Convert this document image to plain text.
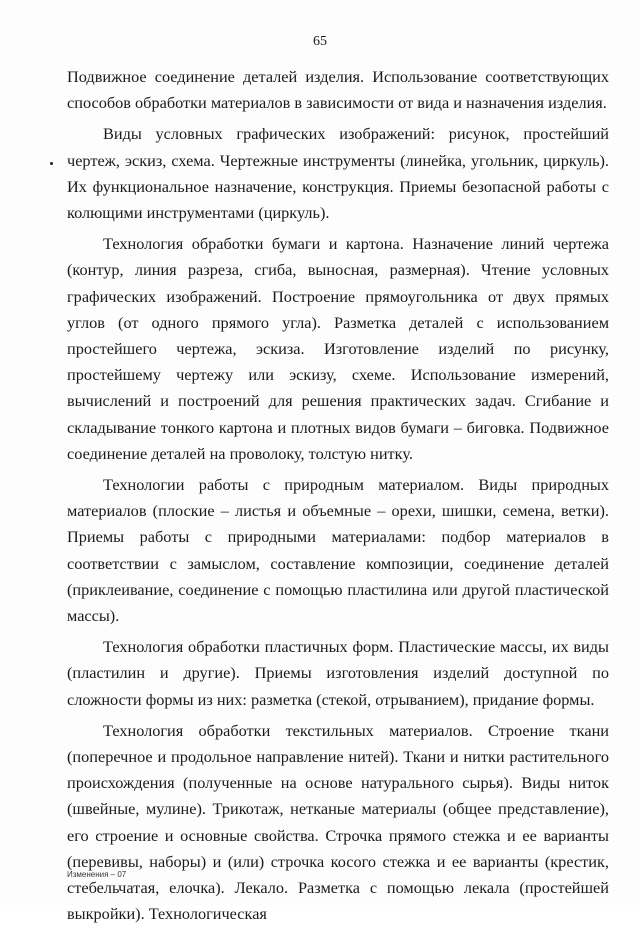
65

Подвижное соединение деталей изделия. Использование соответствующих способов обработки материалов в зависимости от вида и назначения изделия.

Виды условных графических изображений: рисунок, простейший чертеж, эскиз, схема. Чертежные инструменты (линейка, угольник, циркуль). Их функциональное назначение, конструкция. Приемы безопасной работы с колющими инструментами (циркуль).

Технология обработки бумаги и картона. Назначение линий чертежа (контур, линия разреза, сгиба, выносная, размерная). Чтение условных графических изображений. Построение прямоугольника от двух прямых углов (от одного прямого угла). Разметка деталей с использованием простейшего чертежа, эскиза. Изготовление изделий по рисунку, простейшему чертежу или эскизу, схеме. Использование измерений, вычислений и построений для решения практических задач. Сгибание и складывание тонкого картона и плотных видов бумаги – биговка. Подвижное соединение деталей на проволоку, толстую нитку.

Технологии работы с природным материалом. Виды природных материалов (плоские – листья и объемные – орехи, шишки, семена, ветки). Приемы работы с природными материалами: подбор материалов в соответствии с замыслом, составление композиции, соединение деталей (приклеивание, соединение с помощью пластилина или другой пластической массы).

Технология обработки пластичных форм. Пластические массы, их виды (пластилин и другие). Приемы изготовления изделий доступной по сложности формы из них: разметка (стекой, отрыванием), придание формы.

Технология обработки текстильных материалов. Строение ткани (поперечное и продольное направление нитей). Ткани и нитки растительного происхождения (полученные на основе натурального сырья). Виды ниток (швейные, мулине). Трикотаж, нетканые материалы (общее представление), его строение и основные свойства. Строчка прямого стежка и ее варианты (перевивы, наборы) и (или) строчка косого стежка и ее варианты (крестик, стебельчатая, елочка). Лекало. Разметка с помощью лекала (простейшей выкройки). Технологическая

Изменения – 07
